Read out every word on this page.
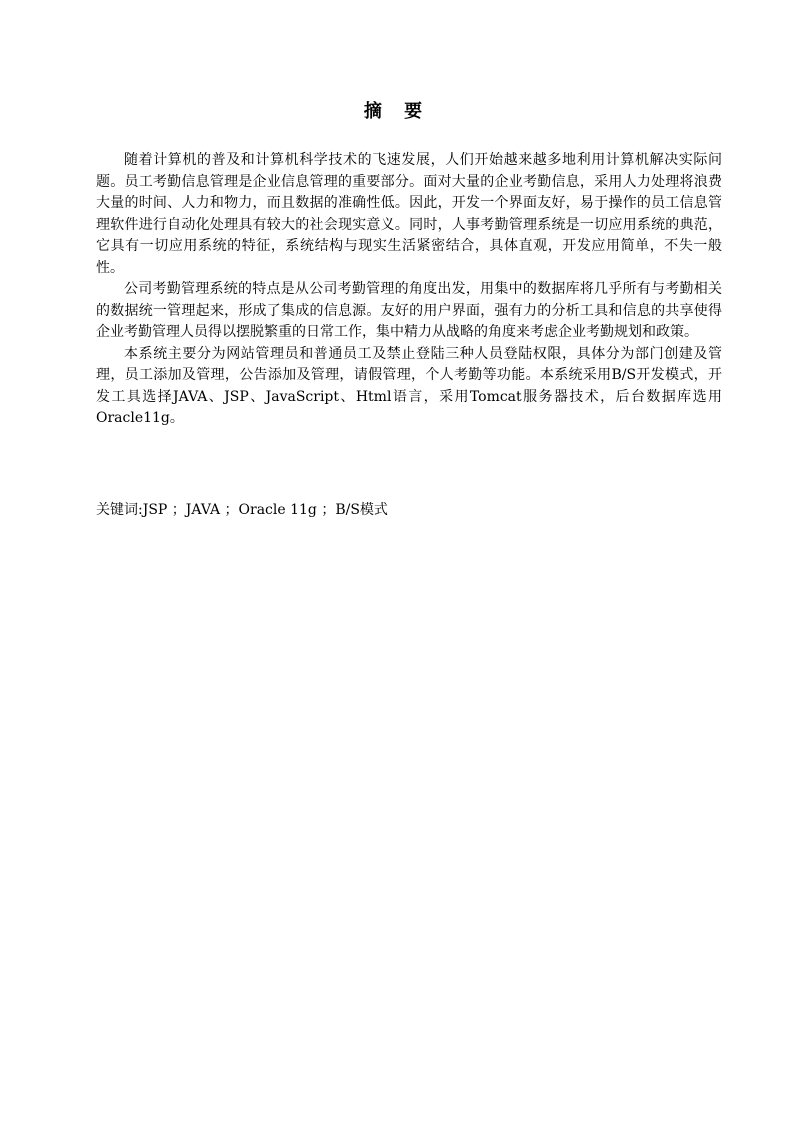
摘 要

随着计算机的普及和计算机科学技术的飞速发展，人们开始越来越多地利用计算机解决实际问题。员工考勤信息管理是企业信息管理的重要部分。面对大量的企业考勤信息，采用人力处理将浪费大量的时间、人力和物力，而且数据的准确性低。因此，开发一个界面友好，易于操作的员工信息管理软件进行自动化处理具有较大的社会现实意义。同时，人事考勤管理系统是一切应用系统的典范，它具有一切应用系统的特征，系统结构与现实生活紧密结合，具体直观，开发应用简单，不失一般性。

公司考勤管理系统的特点是从公司考勤管理的角度出发，用集中的数据库将几乎所有与考勤相关的数据统一管理起来，形成了集成的信息源。友好的用户界面，强有力的分析工具和信息的共享使得企业考勤管理人员得以摆脱繁重的日常工作，集中精力从战略的角度来考虑企业考勤规划和政策。

本系统主要分为网站管理员和普通员工及禁止登陆三种人员登陆权限，具体分为部门创建及管理，员工添加及管理，公告添加及管理，请假管理，个人考勤等功能。本系统采用B/S开发模式，开发工具选择JAVA、JSP、JavaScript、Html语言，采用Tomcat服务器技术，后台数据库选用Oracle11g。

关键词:JSP ；JAVA ；Oracle 11g ；B/S模式
